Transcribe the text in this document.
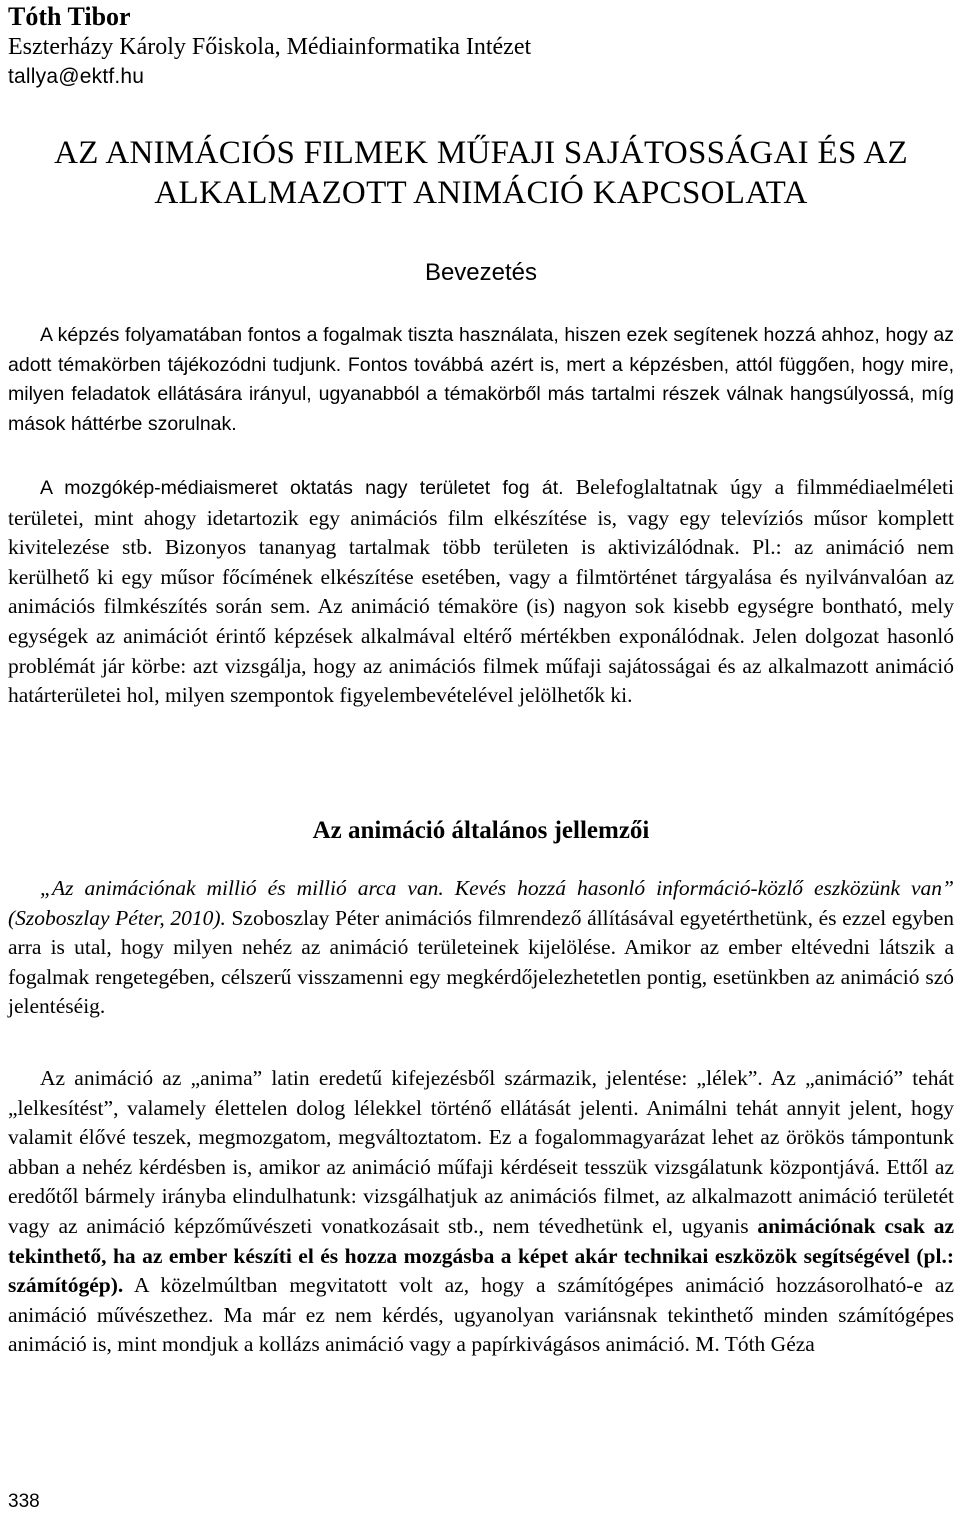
Tóth Tibor
Eszterházy Károly Főiskola, Médiainformatika Intézet
tallya@ektf.hu
AZ ANIMÁCIÓS FILMEK MŰFAJI SAJÁTOSSÁGAI ÉS AZ
ALKALMAZOTT ANIMÁCIÓ KAPCSOLATA
Bevezetés

A képzés folyamatában fontos a fogalmak tiszta használata, hiszen ezek segítenek hozzá ahhoz, hogy az adott témakörben tájékozódni tudjunk. Fontos továbbá azért is, mert a képzésben, attól függően, hogy mire, milyen feladatok ellátására irányul, ugyanabból a témakörből más tartalmi részek válnak hangsúlyossá, míg mások háttérbe szorulnak.

A mozgókép-médiaismeret oktatás nagy területet fog át. Belefoglaltatnak úgy a filmmédiaelméleti területei, mint ahogy idetartozik egy animációs film elkészítése is, vagy egy televíziós műsor komplett kivitelezése stb. Bizonyos tananyag tartalmak több területen is aktivizálódnak. Pl.: az animáció nem kerülhető ki egy műsor főcímének elkészítése esetében, vagy a filmtörténet tárgyalása és nyilvánvalóan az animációs filmkészítés során sem. Az animáció témaköre (is) nagyon sok kisebb egységre bontható, mely egységek az animációt érintő képzések alkalmával eltérő mértékben exponálódnak. Jelen dolgozat hasonló problémát jár körbe: azt vizsgálja, hogy az animációs filmek műfaji sajátosságai és az alkalmazott animáció határterületei hol, milyen szempontok figyelembevételével jelölhetők ki.

Az animáció általános jellemzői

„Az animációnak millió és millió arca van. Kevés hozzá hasonló információ-közlő eszközünk van” (Szoboszlay Péter, 2010). Szoboszlay Péter animációs filmrendező állításával egyetérthetünk, és ezzel egyben arra is utal, hogy milyen nehéz az animáció területeinek kijelölése. Amikor az ember eltévedni látszik a fogalmak rengetegében, célszerű visszamenni egy megkérdőjelezhetetlen pontig, esetünkben az animáció szó jelentéséig.

Az animáció az „anima” latin eredetű kifejezésből származik, jelentése: „lélek”. Az „animáció” tehát „lelkesítést”, valamely élettelen dolog lélekkel történő ellátását jelenti. Animálni tehát annyit jelent, hogy valamit élővé teszek, megmozgatom, megváltoztatom. Ez a fogalommagyarázat lehet az örökös támpontunk abban a nehéz kérdésben is, amikor az animáció műfaji kérdéseit tesszük vizsgálatunk központjává. Ettől az eredőtől bármely irányba elindulhatunk: vizsgálhatjuk az animációs filmet, az alkalmazott animáció területét vagy az animáció képzőművészeti vonatkozásait stb., nem tévedhetünk el, ugyanis animációnak csak az tekinthető, ha az ember készíti el és hozza mozgásba a képet akár technikai eszközök segítségével (pl.: számítógép). A közelmúltban megvitatott volt az, hogy a számítógépes animáció hozzásorolható-e az animáció művészethez. Ma már ez nem kérdés, ugyanolyan variánsnak tekinthető minden számítógépes animáció is, mint mondjuk a kollázs animáció vagy a papírkivágásos animáció. M. Tóth Géza

338
